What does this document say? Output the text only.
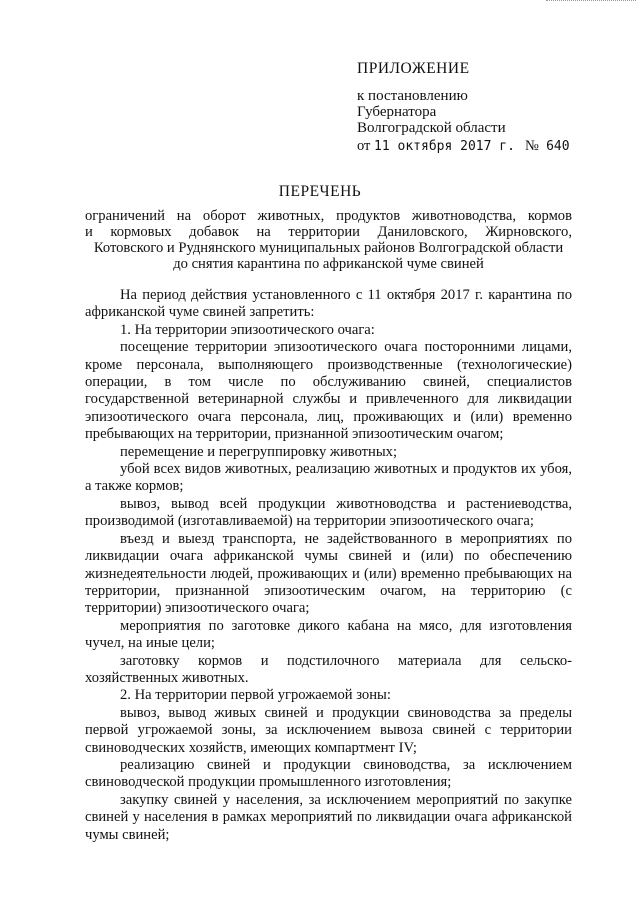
ПРИЛОЖЕНИЕ
к постановлению
Губернатора
Волгоградской области
от 11 октября 2017 г. № 640
ПЕРЕЧЕНЬ
ограничений на оборот животных, продуктов животноводства, кормов
и кормовых добавок на территории Даниловского, Жирновского,
Котовского и Руднянского муниципальных районов Волгоградской области
до снятия карантина по африканской чуме свиней

На период действия установленного с 11 октября 2017 г. карантина по африканской чуме свиней запретить:

1. На территории эпизоотического очага:

посещение территории эпизоотического очага посторонними лицами, кроме персонала, выполняющего производственные (технологические) операции, в том числе по обслуживанию свиней, специалистов государственной ветеринарной службы и привлеченного для ликвидации эпизоотического очага персонала, лиц, проживающих и (или) временно пребывающих на территории, признанной эпизоотическим очагом;

перемещение и перегруппировку животных;

убой всех видов животных, реализацию животных и продуктов их убоя, а также кормов;

вывоз, вывод всей продукции животноводства и растениеводства, производимой (изготавливаемой) на территории эпизоотического очага;

въезд и выезд транспорта, не задействованного в мероприятиях по ликвидации очага африканской чумы свиней и (или) по обеспечению жизнедеятельности людей, проживающих и (или) временно пребывающих на территории, признанной эпизоотическим очагом, на территорию (с территории) эпизоотического очага;

мероприятия по заготовке дикого кабана на мясо, для изготовления чучел, на иные цели;

заготовку кормов и подстилочного материала для сельско-хозяйственных животных.

2. На территории первой угрожаемой зоны:

вывоз, вывод живых свиней и продукции свиноводства за пределы первой угрожаемой зоны, за исключением вывоза свиней с территории свиноводческих хозяйств, имеющих компартмент IV;

реализацию свиней и продукции свиноводства, за исключением свиноводческой продукции промышленного изготовления;

закупку свиней у населения, за исключением мероприятий по закупке свиней у населения в рамках мероприятий по ликвидации очага африканской чумы свиней;
